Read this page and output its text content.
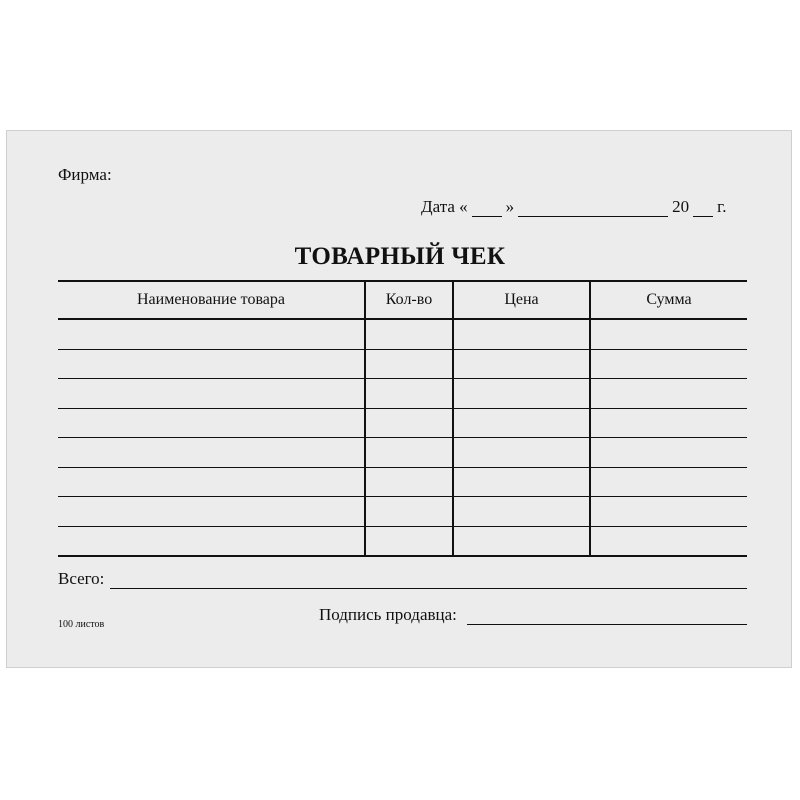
Фирма:
Дата « »	20 г.
ТОВАРНЫЙ ЧЕК
Наименование товара	Кол-во	Цена	Сумма

Всего:
100 листов
Подпись продавца:
